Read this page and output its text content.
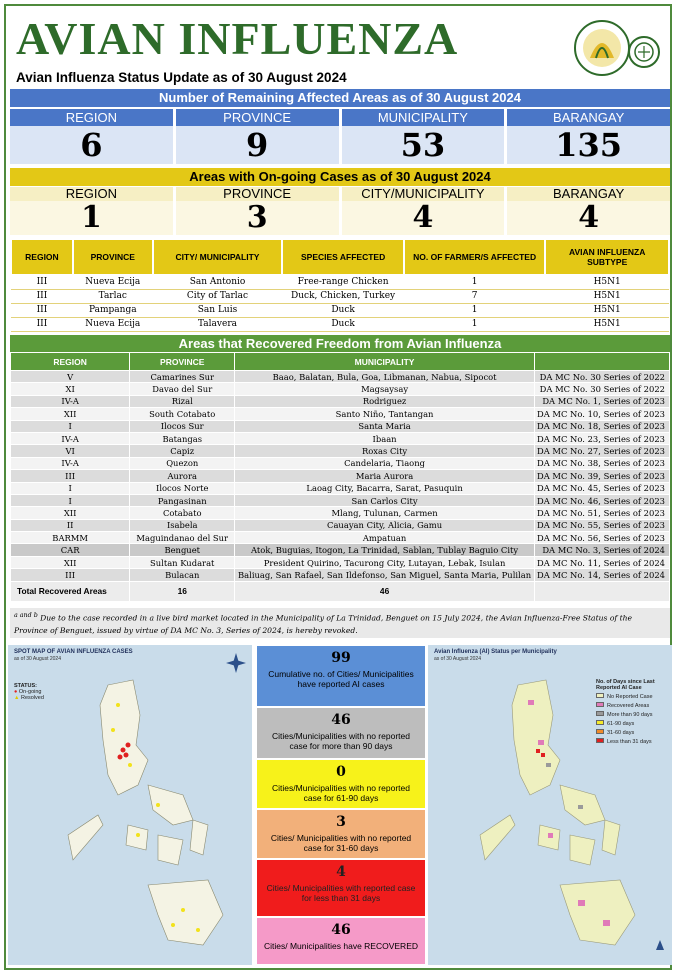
AVIAN INFLUENZA
Avian Influenza Status Update as of 30 August 2024
Number of Remaining Affected Areas as of 30 August 2024
REGION
6
PROVINCE
9
MUNICIPALITY
53
BARANGAY
135
Areas with On-going Cases as of 30 August 2024
REGION
1
PROVINCE
3
CITY/MUNICIPALITY
4
BARANGAY
4
REGION	PROVINCE	CITY/ MUNICIPALITY	SPECIES AFFECTED	NO. OF FARMER/S AFFECTED	AVIAN INFLUENZA SUBTYPE
III	Nueva Ecija	San Antonio	Free-range Chicken	1	H5N1
III	Tarlac	City of Tarlac	Duck, Chicken, Turkey	7	H5N1
III	Pampanga	San Luis	Duck	1	H5N1
III	Nueva Ecija	Talavera	Duck	1	H5N1
Areas that Recovered Freedom from Avian Influenza
REGION	PROVINCE	MUNICIPALITY	
V	Camarines Sur	Baao, Balatan, Bula, Goa, Libmanan, Nabua, Sipocot	DA MC No. 30 Series of 2022
XI	Davao del Sur	Magsaysay	DA MC No. 30 Series of 2022
IV-A	Rizal	Rodriguez	DA MC No. 1, Series of 2023
XII	South Cotabato	Santo Niño, Tantangan	DA MC No. 10, Series of 2023
I	Ilocos Sur	Santa Maria	DA MC No. 18, Series of 2023
IV-A	Batangas	Ibaan	DA MC No. 23, Series of 2023
VI	Capiz	Roxas City	DA MC No. 27, Series of 2023
IV-A	Quezon	Candelaria, Tiaong	DA MC No. 38, Series of 2023
III	Aurora	Maria Aurora	DA MC No. 39, Series of 2023
I	Ilocos Norte	Laoag City, Bacarra, Sarat, Pasuquin	DA MC No. 45, Series of 2023
I	Pangasinan	San Carlos City	DA MC No. 46, Series of 2023
XII	Cotabato	Mlang, Tulunan, Carmen	DA MC No. 51, Series of 2023
II	Isabela	Cauayan City, Alicia, Gamu	DA MC No. 55, Series of 2023
BARMM	Maguindanao del Sur	Ampatuan	DA MC No. 56, Series of 2023
CAR	Benguet	Atok, Buguias, Itogon, La Trinidad, Sablan, Tublay Baguio City	DA MC No. 3, Series of 2024
XII	Sultan Kudarat	President Quirino, Tacurong City, Lutayan, Lebak, Isulan	DA MC No. 11, Series of 2024
III	Bulacan	Baliuag, San Rafael, San Ildefonso, San Miguel, Santa Maria, Pulilan	DA MC No. 14, Series of 2024
Total Recovered Areas	16	46	
$^{a and b}$ Due to the case recorded in a live bird market located in the Municipality of La Trinidad, Benguet on 15 July 2024, the Avian Influenza-Free Status of the Province of Benguet, issued by virtue of DA MC No. 3, Series of 2024, is hereby revoked.
SPOT MAP OF AVIAN INFLUENZA CASES
as of 30 August 2024
STATUS:
● On-going
▲ Resolved
99
Cumulative no. of Cities/ Municipalities have reported AI cases
46
Cities/Municipalities with no reported case for more than 90 days
0
Cities/Municipalities with no reported case for 61-90 days
3
Cities/ Municipalities with no reported case for 31-60 days
4
Cities/ Municipalities with reported case for less than 31 days
46
Cities/ Municipalities have RECOVERED
Avian Influenza (AI) Status per Municipality
as of 30 August 2024
No. of Days since Last Reported AI Case
No Reported Case
Recovered Areas
More than 90 days
61-90 days
31-60 days
Less than 31 days
